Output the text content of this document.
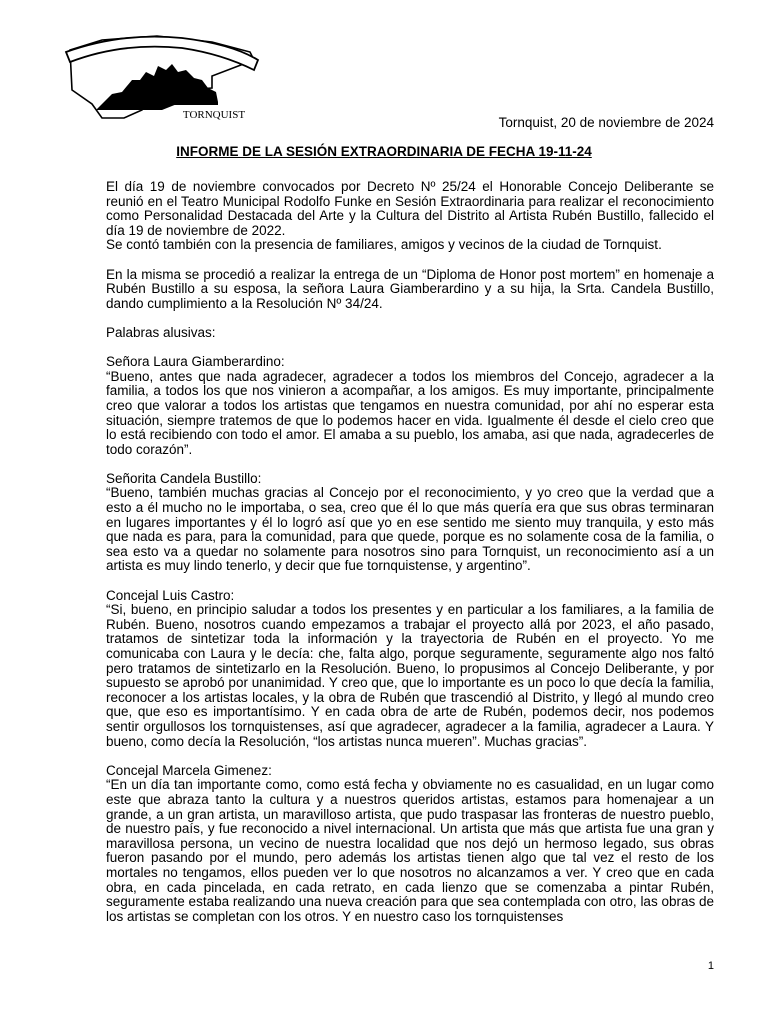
TORNQUIST	Tornquist, 20 de noviembre de 2024
INFORME DE LA SESIÓN EXTRAORDINARIA DE FECHA 19-11-24

El día 19 de noviembre convocados por Decreto Nº 25/24 el Honorable Concejo Deliberante se reunió en el Teatro Municipal Rodolfo Funke en Sesión Extraordinaria para realizar el reconocimiento como Personalidad Destacada del Arte y la Cultura del Distrito al Artista Rubén Bustillo, fallecido el día 19 de noviembre de 2022.

Se contó también con la presencia de familiares, amigos y vecinos de la ciudad de Tornquist.

En la misma se procedió a realizar la entrega de un “Diploma de Honor post mortem” en homenaje a Rubén Bustillo a su esposa, la señora Laura Giamberardino y a su hija, la Srta. Candela Bustillo, dando cumplimiento a la Resolución Nº 34/24.

Palabras alusivas:

Señora Laura Giamberardino:

“Bueno, antes que nada agradecer, agradecer a todos los miembros del Concejo, agradecer a la familia, a todos los que nos vinieron a acompañar, a los amigos. Es muy importante, principalmente creo que valorar a todos los artistas que tengamos en nuestra comunidad, por ahí no esperar esta situación, siempre tratemos de que lo podemos hacer en vida. Igualmente él desde el cielo creo que lo está recibiendo con todo el amor. El amaba a su pueblo, los amaba, asi que nada, agradecerles de todo corazón”.

Señorita Candela Bustillo:

“Bueno, también muchas gracias al Concejo por el reconocimiento, y yo creo que la verdad que a esto a él mucho no le importaba, o sea, creo que él lo que más quería era que sus obras terminaran en lugares importantes y él lo logró así que yo en ese sentido me siento muy tranquila, y esto más que nada es para, para la comunidad, para que quede, porque es no solamente cosa de la familia, o sea esto va a quedar no solamente para nosotros sino para Tornquist, un reconocimiento así a un artista es muy lindo tenerlo, y decir que fue tornquistense, y argentino”.

Concejal Luis Castro:

“Si, bueno, en principio saludar a todos los presentes y en particular a los familiares, a la familia de Rubén. Bueno, nosotros cuando empezamos a trabajar el proyecto allá por 2023, el año pasado, tratamos de sintetizar toda la información y la trayectoria de Rubén en el proyecto. Yo me comunicaba con Laura y le decía: che, falta algo, porque seguramente, seguramente algo nos faltó pero tratamos de sintetizarlo en la Resolución. Bueno, lo propusimos al Concejo Deliberante, y por supuesto se aprobó por unanimidad. Y creo que, que lo importante es un poco lo que decía la familia, reconocer a los artistas locales, y la obra de Rubén que trascendió al Distrito, y llegó al mundo creo que, que eso es importantísimo. Y en cada obra de arte de Rubén, podemos decir, nos podemos sentir orgullosos los tornquistenses, así que agradecer, agradecer a la familia, agradecer a Laura. Y bueno, como decía la Resolución, “los artistas nunca mueren”. Muchas gracias”.

Concejal Marcela Gimenez:

“En un día tan importante como, como está fecha y obviamente no es casualidad, en un lugar como este que abraza tanto la cultura y a nuestros queridos artistas, estamos para homenajear a un grande, a un gran artista, un maravilloso artista, que pudo traspasar las fronteras de nuestro pueblo, de nuestro país, y fue reconocido a nivel internacional. Un artista que más que artista fue una gran y maravillosa persona, un vecino de nuestra localidad que nos dejó un hermoso legado, sus obras fueron pasando por el mundo, pero además los artistas tienen algo que tal vez el resto de los mortales no tengamos, ellos pueden ver lo que nosotros no alcanzamos a ver. Y creo que en cada obra, en cada pincelada, en cada retrato, en cada lienzo que se comenzaba a pintar Rubén, seguramente estaba realizando una nueva creación para que sea contemplada con otro, las obras de los artistas se completan con los otros. Y en nuestro caso los tornquistenses

1
